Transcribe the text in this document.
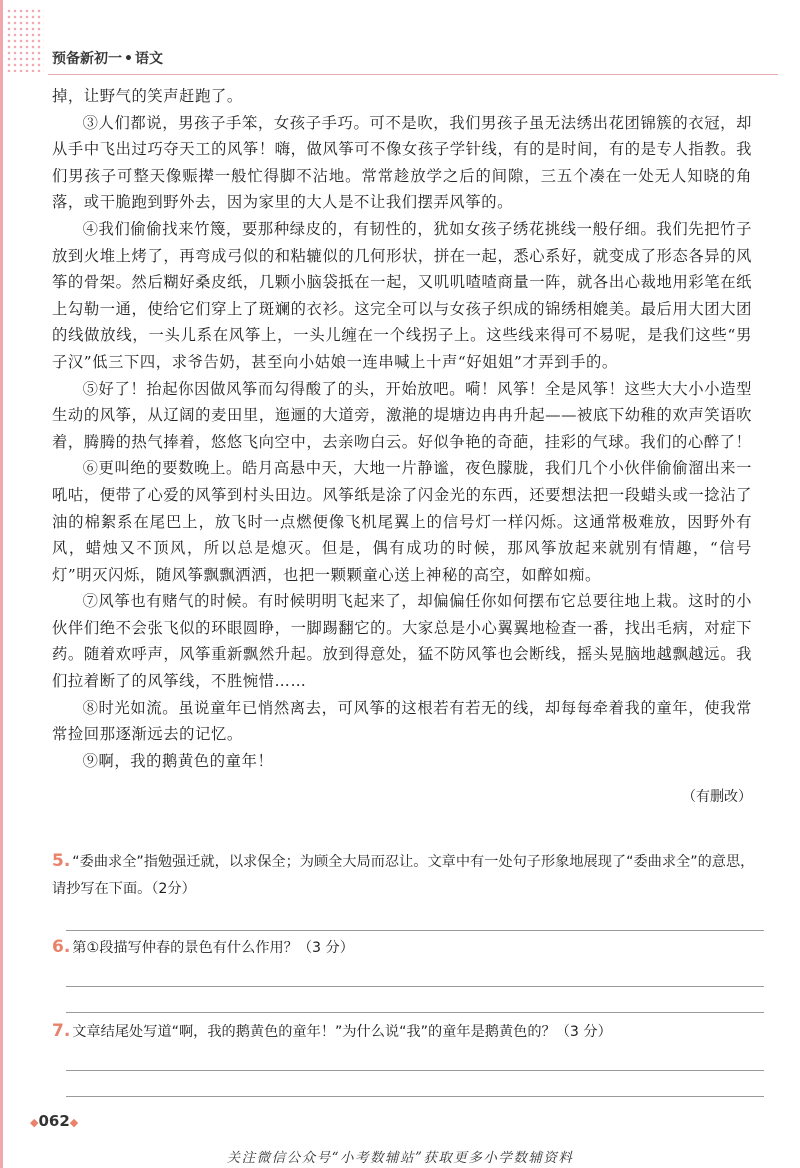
预备新初一 • 语文

掉，让野气的笑声赶跑了。

③人们都说，男孩子手笨，女孩子手巧。可不是吹，我们男孩子虽无法绣出花团锦簇的衣冠，却从手中飞出过巧夺天工的风筝！嗨，做风筝可不像女孩子学针线，有的是时间，有的是专人指教。我们男孩子可整天像赈撵一般忙得脚不沾地。常常趁放学之后的间隙，三五个凑在一处无人知晓的角落，或干脆跑到野外去，因为家里的大人是不让我们摆弄风筝的。

④我们偷偷找来竹篾，要那种绿皮的，有韧性的，犹如女孩子绣花挑线一般仔细。我们先把竹子放到火堆上烤了，再弯成弓似的和粘辘似的几何形状，拼在一起，悉心系好，就变成了形态各异的风筝的骨架。然后糊好桑皮纸，几颗小脑袋抵在一起，又叽叽喳喳商量一阵，就各出心裁地用彩笔在纸上勾勒一通，使给它们穿上了斑斓的衣衫。这完全可以与女孩子织成的锦绣相媲美。最后用大团大团的线做放线，一头儿系在风筝上，一头儿缠在一个线拐子上。这些线来得可不易呢，是我们这些“男子汉”低三下四，求爷告奶，甚至向小姑娘一连串喊上十声“好姐姐”才弄到手的。

⑤好了！抬起你因做风筝而勾得酸了的头，开始放吧。嗬！风筝！全是风筝！这些大大小小造型生动的风筝，从辽阔的麦田里，迤逦的大道旁，激滟的堤塘边冉冉升起——被底下幼稚的欢声笑语吹着，腾腾的热气捧着，悠悠飞向空中，去亲吻白云。好似争艳的奇葩，挂彩的气球。我们的心醉了！

⑥更叫绝的要数晚上。皓月高悬中天，大地一片静谧，夜色朦胧，我们几个小伙伴偷偷溜出来一吼咕，便带了心爱的风筝到村头田边。风筝纸是涂了闪金光的东西，还要想法把一段蜡头或一捻沾了油的棉絮系在尾巴上，放飞时一点燃便像飞机尾翼上的信号灯一样闪烁。这通常极难放，因野外有风，蜡烛又不顶风，所以总是熄灭。但是，偶有成功的时候，那风筝放起来就别有情趣，“信号灯”明灭闪烁，随风筝飘飘洒洒，也把一颗颗童心送上神秘的高空，如醉如痴。

⑦风筝也有赌气的时候。有时候明明飞起来了，却偏偏任你如何摆布它总要往地上栽。这时的小伙伴们绝不会张飞似的环眼圆睁，一脚踢翻它的。大家总是小心翼翼地检查一番，找出毛病，对症下药。随着欢呼声，风筝重新飘然升起。放到得意处，猛不防风筝也会断线，摇头晃脑地越飘越远。我们拉着断了的风筝线，不胜惋惜……

⑧时光如流。虽说童年已悄然离去，可风筝的这根若有若无的线，却每每牵着我的童年，使我常常捡回那逐渐远去的记忆。

⑨啊，我的鹅黄色的童年！

（有删改）
5. “委曲求全”指勉强迁就，以求保全；为顾全大局而忍让。文章中有一处句子形象地展现了“委曲求全”的意思，请抄写在下面。（2分）
6. 第①段描写仲春的景色有什么作用？（3 分）
7. 文章结尾处写道“啊，我的鹅黄色的童年！”为什么说“我”的童年是鹅黄色的？（3 分）
◆062◆
关注微信公众号“小考数辅站”获取更多小学数辅资料
